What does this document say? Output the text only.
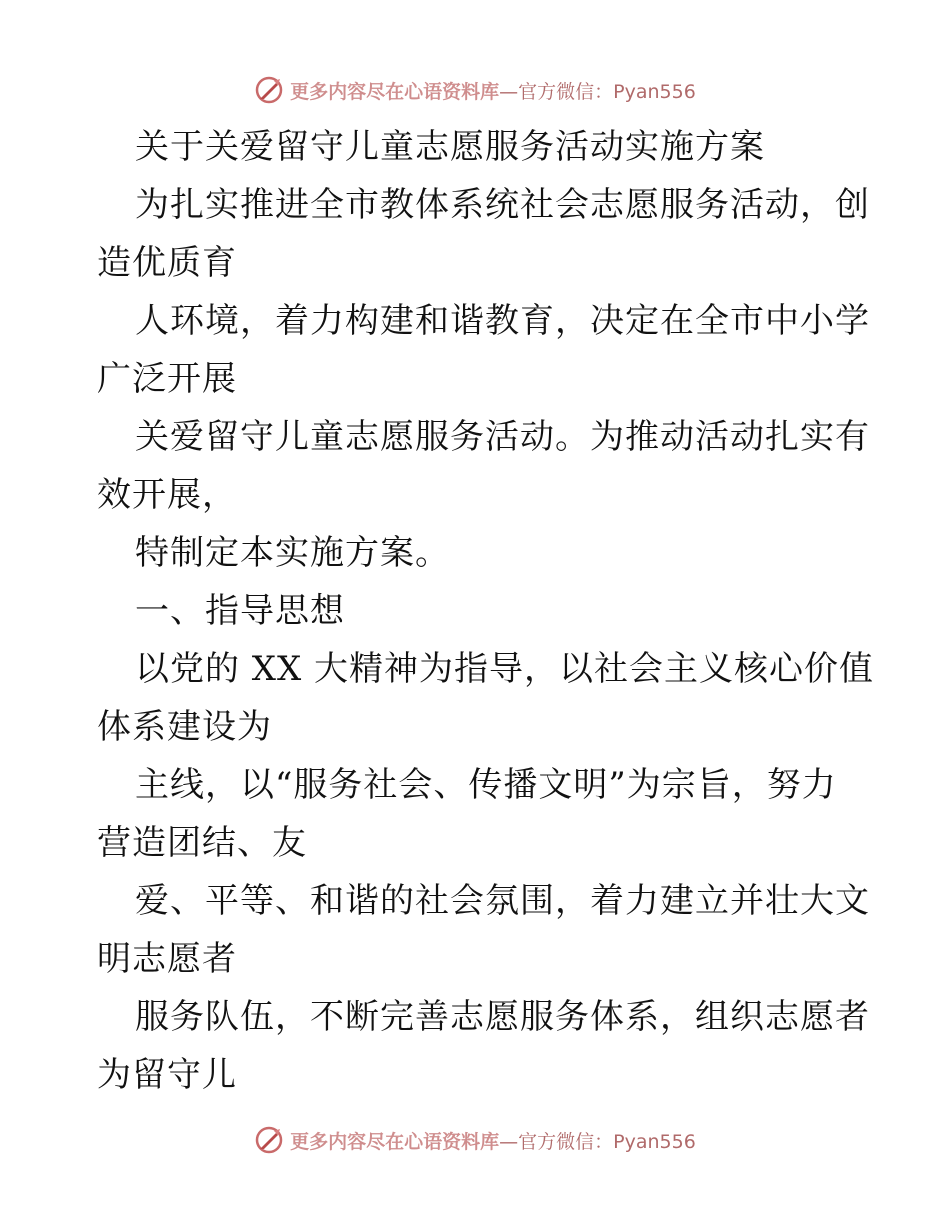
更多内容尽在心语资料库—官方微信：Pyan556
关于关爱留守儿童志愿服务活动实施方案
为扎实推进全市教体系统社会志愿服务活动，创
造优质育
人环境，着力构建和谐教育，决定在全市中小学
广泛开展
关爱留守儿童志愿服务活动。为推动活动扎实有
效开展，
特制定本实施方案。
一、指导思想
以党的 XX 大精神为指导，以社会主义核心价值
体系建设为
主线，以“服务社会、传播文明”为宗旨，努力
营造团结、友
爱、平等、和谐的社会氛围，着力建立并壮大文
明志愿者
服务队伍，不断完善志愿服务体系，组织志愿者
为留守儿
更多内容尽在心语资料库—官方微信：Pyan556
